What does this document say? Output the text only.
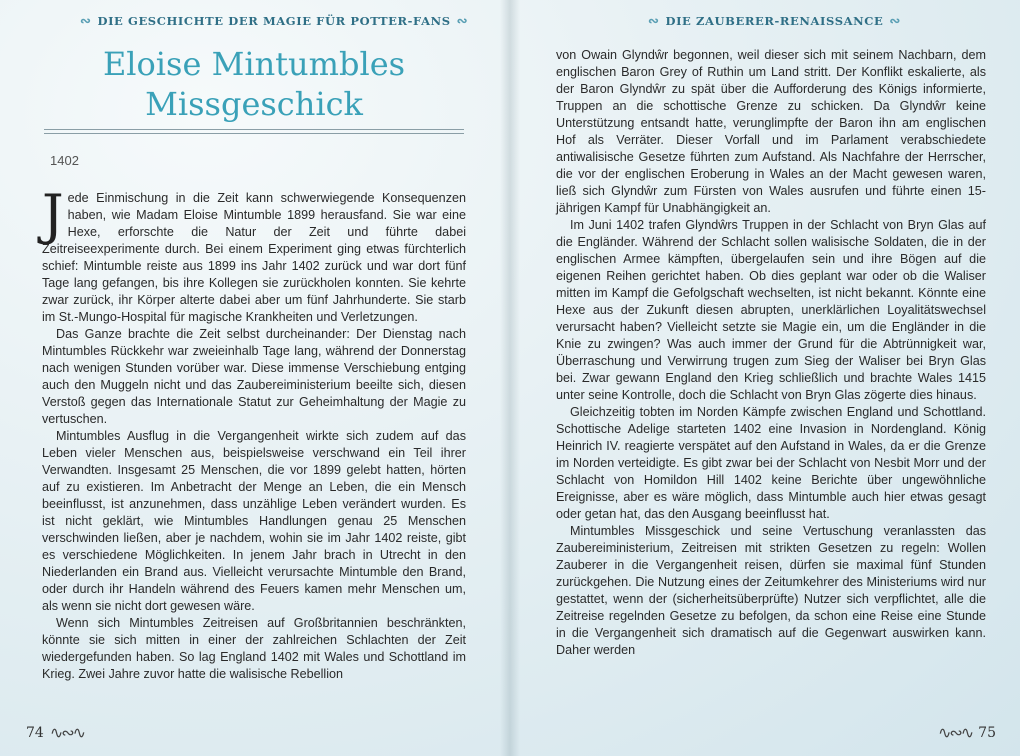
∾ DIE GESCHICHTE DER MAGIE FÜR POTTER-FANS ∾
Eloise Mintumbles
Missgeschick
1402

Jede Einmischung in die Zeit kann schwerwiegende Konsequenzen haben, wie Madam Eloise Mintumble 1899 herausfand. Sie war eine Hexe, erforschte die Natur der Zeit und führte dabei Zeitreiseexperimente durch. Bei einem Experiment ging etwas fürchterlich schief: Mintumble reiste aus 1899 ins Jahr 1402 zurück und war dort fünf Tage lang gefangen, bis ihre Kollegen sie zurückholen konnten. Sie kehrte zwar zurück, ihr Körper alterte dabei aber um fünf Jahrhunderte. Sie starb im St.-Mungo-Hospital für magische Krankheiten und Verletzungen.

Das Ganze brachte die Zeit selbst durcheinander: Der Dienstag nach Mintumbles Rückkehr war zweieinhalb Tage lang, während der Donnerstag nach wenigen Stunden vorüber war. Diese immense Verschiebung entging auch den Muggeln nicht und das Zaubereiministerium beeilte sich, diesen Verstoß gegen das Internationale Statut zur Geheimhaltung der Magie zu vertuschen.

Mintumbles Ausflug in die Vergangenheit wirkte sich zudem auf das Leben vieler Menschen aus, beispielsweise verschwand ein Teil ihrer Verwandten. Insgesamt 25 Menschen, die vor 1899 gelebt hatten, hörten auf zu existieren. Im Anbetracht der Menge an Leben, die ein Mensch beeinflusst, ist anzunehmen, dass unzählige Leben verändert wurden. Es ist nicht geklärt, wie Mintumbles Handlungen genau 25 Menschen verschwinden ließen, aber je nachdem, wohin sie im Jahr 1402 reiste, gibt es verschiedene Möglichkeiten. In jenem Jahr brach in Utrecht in den Niederlanden ein Brand aus. Vielleicht verursachte Mintumble den Brand, oder durch ihr Handeln während des Feuers kamen mehr Menschen um, als wenn sie nicht dort gewesen wäre.

Wenn sich Mintumbles Zeitreisen auf Großbritannien beschränkten, könnte sie sich mitten in einer der zahlreichen Schlachten der Zeit wiedergefunden haben. So lag England 1402 mit Wales und Schottland im Krieg. Zwei Jahre zuvor hatte die walisische Rebellion

74 ∿∾∿
∾ DIE ZAUBERER-RENAISSANCE ∾

von Owain Glyndŵr begonnen, weil dieser sich mit seinem Nachbarn, dem englischen Baron Grey of Ruthin um Land stritt. Der Konflikt eskalierte, als der Baron Glyndŵr zu spät über die Aufforderung des Königs informierte, Truppen an die schottische Grenze zu schicken. Da Glyndŵr keine Unterstützung entsandt hatte, verunglimpfte der Baron ihn am englischen Hof als Verräter. Dieser Vorfall und im Parlament verabschiedete antiwalisische Gesetze führten zum Aufstand. Als Nachfahre der Herrscher, die vor der englischen Eroberung in Wales an der Macht gewesen waren, ließ sich Glyndŵr zum Fürsten von Wales ausrufen und führte einen 15-jährigen Kampf für Unabhängigkeit an.

Im Juni 1402 trafen Glyndŵrs Truppen in der Schlacht von Bryn Glas auf die Engländer. Während der Schlacht sollen walisische Soldaten, die in der englischen Armee kämpften, übergelaufen sein und ihre Bögen auf die eigenen Reihen gerichtet haben. Ob dies geplant war oder ob die Waliser mitten im Kampf die Gefolgschaft wechselten, ist nicht bekannt. Könnte eine Hexe aus der Zukunft diesen abrupten, unerklärlichen Loyalitätswechsel verursacht haben? Vielleicht setzte sie Magie ein, um die Engländer in die Knie zu zwingen? Was auch immer der Grund für die Abtrünnigkeit war, Überraschung und Verwirrung trugen zum Sieg der Waliser bei Bryn Glas bei. Zwar gewann England den Krieg schließlich und brachte Wales 1415 unter seine Kontrolle, doch die Schlacht von Bryn Glas zögerte dies hinaus.

Gleichzeitig tobten im Norden Kämpfe zwischen England und Schottland. Schottische Adelige starteten 1402 eine Invasion in Nordengland. König Heinrich IV. reagierte verspätet auf den Aufstand in Wales, da er die Grenze im Norden verteidigte. Es gibt zwar bei der Schlacht von Nesbit Morr und der Schlacht von Homildon Hill 1402 keine Berichte über ungewöhnliche Ereignisse, aber es wäre möglich, dass Mintumble auch hier etwas gesagt oder getan hat, das den Ausgang beeinflusst hat.

Mintumbles Missgeschick und seine Vertuschung veranlassten das Zaubereiministerium, Zeitreisen mit strikten Gesetzen zu regeln: Wollen Zauberer in die Vergangenheit reisen, dürfen sie maximal fünf Stunden zurückgehen. Die Nutzung eines der Zeitumkehrer des Ministeriums wird nur gestattet, wenn der (sicherheitsüberprüfte) Nutzer sich verpflichtet, alle die Zeitreise regelnden Gesetze zu befolgen, da schon eine Reise eine Stunde in die Vergangenheit sich dramatisch auf die Gegenwart auswirken kann. Daher werden

∿∾∿ 75
